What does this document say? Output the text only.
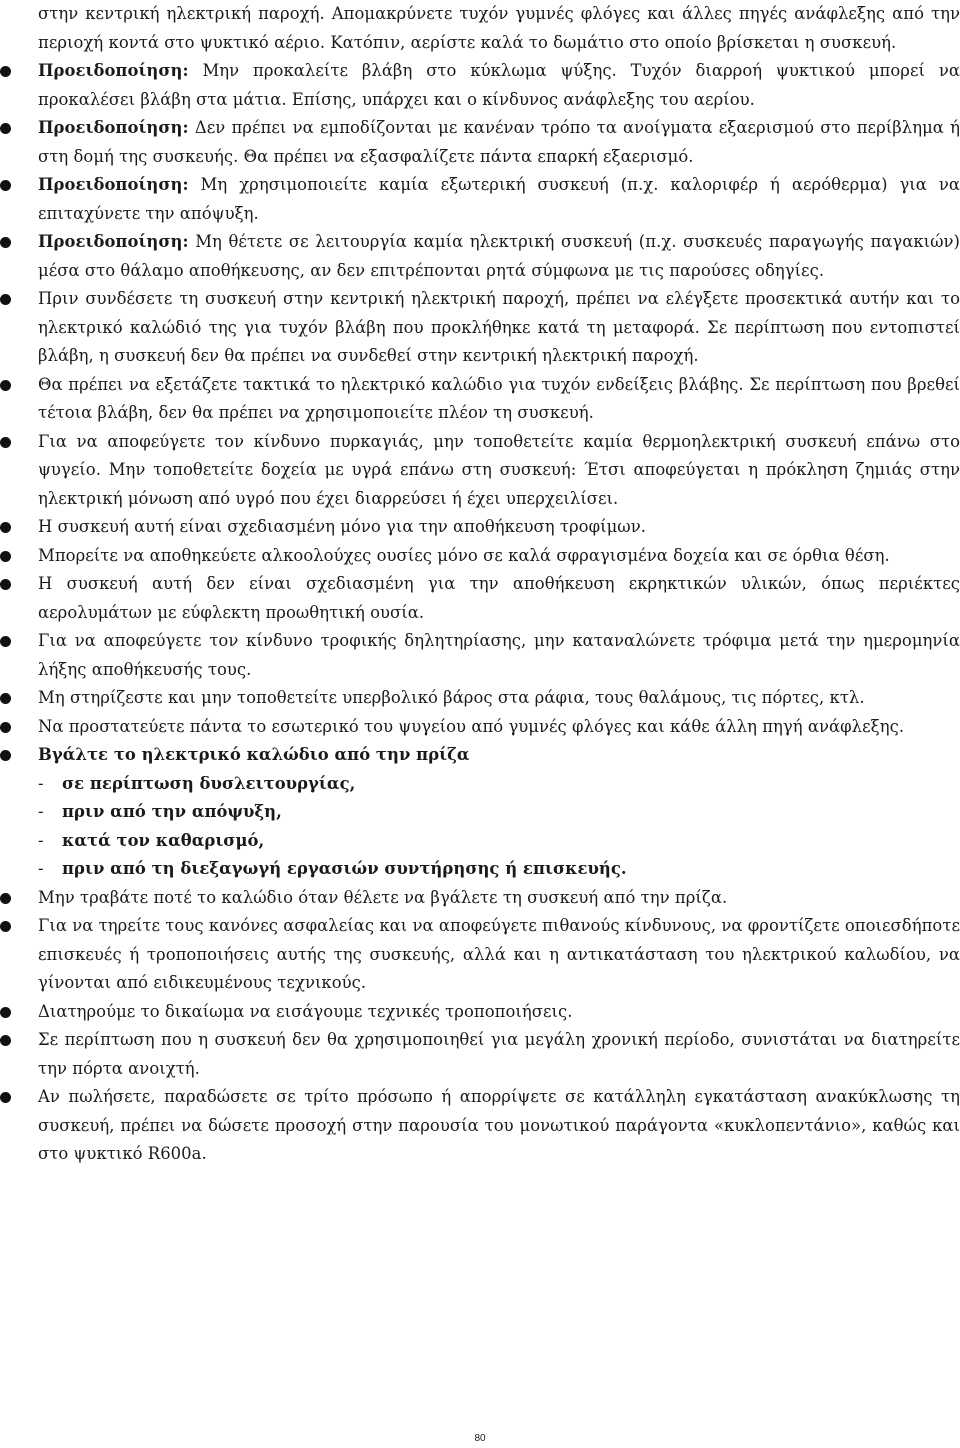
στην κεντρική ηλεκτρική παροχή. Απομακρύνετε τυχόν γυμνές φλόγες και άλλες πηγές ανάφλεξης από την περιοχή κοντά στο ψυκτικό αέριο. Κατόπιν, αερίστε καλά το δωμάτιο στο οποίο βρίσκεται η συσκευή.
Προειδοποίηση: Μην προκαλείτε βλάβη στο κύκλωμα ψύξης. Τυχόν διαρροή ψυκτικού μπορεί να προκαλέσει βλάβη στα μάτια. Επίσης, υπάρχει και ο κίνδυνος ανάφλεξης του αερίου.
Προειδοποίηση: Δεν πρέπει να εμποδίζονται με κανέναν τρόπο τα ανοίγματα εξαερισμού στο περίβλημα ή στη δομή της συσκευής. Θα πρέπει να εξασφαλίζετε πάντα επαρκή εξαερισμό.
Προειδοποίηση: Μη χρησιμοποιείτε καμία εξωτερική συσκευή (π.χ. καλοριφέρ ή αερόθερμα) για να επιταχύνετε την απόψυξη.
Προειδοποίηση: Μη θέτετε σε λειτουργία καμία ηλεκτρική συσκευή (π.χ. συσκευές παραγωγής παγακιών) μέσα στο θάλαμο αποθήκευσης, αν δεν επιτρέπονται ρητά σύμφωνα με τις παρούσες οδηγίες.
Πριν συνδέσετε τη συσκευή στην κεντρική ηλεκτρική παροχή, πρέπει να ελέγξετε προσεκτικά αυτήν και το ηλεκτρικό καλώδιό της για τυχόν βλάβη που προκλήθηκε κατά τη μεταφορά. Σε περίπτωση που εντοπιστεί βλάβη, η συσκευή δεν θα πρέπει να συνδεθεί στην κεντρική ηλεκτρική παροχή.
Θα πρέπει να εξετάζετε τακτικά το ηλεκτρικό καλώδιο για τυχόν ενδείξεις βλάβης. Σε περίπτωση που βρεθεί τέτοια βλάβη, δεν θα πρέπει να χρησιμοποιείτε πλέον τη συσκευή.
Για να αποφεύγετε τον κίνδυνο πυρκαγιάς, μην τοποθετείτε καμία θερμοηλεκτρική συσκευή επάνω στο ψυγείο. Μην τοποθετείτε δοχεία με υγρά επάνω στη συσκευή: Έτσι αποφεύγεται η πρόκληση ζημιάς στην ηλεκτρική μόνωση από υγρό που έχει διαρρεύσει ή έχει υπερχειλίσει.
Η συσκευή αυτή είναι σχεδιασμένη μόνο για την αποθήκευση τροφίμων.
Μπορείτε να αποθηκεύετε αλκοολούχες ουσίες μόνο σε καλά σφραγισμένα δοχεία και σε όρθια θέση.
Η συσκευή αυτή δεν είναι σχεδιασμένη για την αποθήκευση εκρηκτικών υλικών, όπως περιέκτες αερολυμάτων με εύφλεκτη προωθητική ουσία.
Για να αποφεύγετε τον κίνδυνο τροφικής δηλητηρίασης, μην καταναλώνετε τρόφιμα μετά την ημερομηνία λήξης αποθήκευσής τους.
Μη στηρίζεστε και μην τοποθετείτε υπερβολικό βάρος στα ράφια, τους θαλάμους, τις πόρτες, κτλ.
Να προστατεύετε πάντα το εσωτερικό του ψυγείου από γυμνές φλόγες και κάθε άλλη πηγή ανάφλεξης.
Βγάλτε το ηλεκτρικό καλώδιο από την πρίζα
- σε περίπτωση δυσλειτουργίας,
- πριν από την απόψυξη,
- κατά τον καθαρισμό,
- πριν από τη διεξαγωγή εργασιών συντήρησης ή επισκευής.
Μην τραβάτε ποτέ το καλώδιο όταν θέλετε να βγάλετε τη συσκευή από την πρίζα.
Για να τηρείτε τους κανόνες ασφαλείας και να αποφεύγετε πιθανούς κίνδυνους, να φροντίζετε οποιεσδήποτε επισκευές ή τροποποιήσεις αυτής της συσκευής, αλλά και η αντικατάσταση του ηλεκτρικού καλωδίου, να γίνονται από ειδικευμένους τεχνικούς.
Διατηρούμε το δικαίωμα να εισάγουμε τεχνικές τροποποιήσεις.
Σε περίπτωση που η συσκευή δεν θα χρησιμοποιηθεί για μεγάλη χρονική περίοδο, συνιστάται να διατηρείτε την πόρτα ανοιχτή.
Αν πωλήσετε, παραδώσετε σε τρίτο πρόσωπο ή απορρίψετε σε κατάλληλη εγκατάσταση ανακύκλωσης τη συσκευή, πρέπει να δώσετε προσοχή στην παρουσία του μονωτικού παράγοντα «κυκλοπεντάνιο», καθώς και στο ψυκτικό R600a.
80
